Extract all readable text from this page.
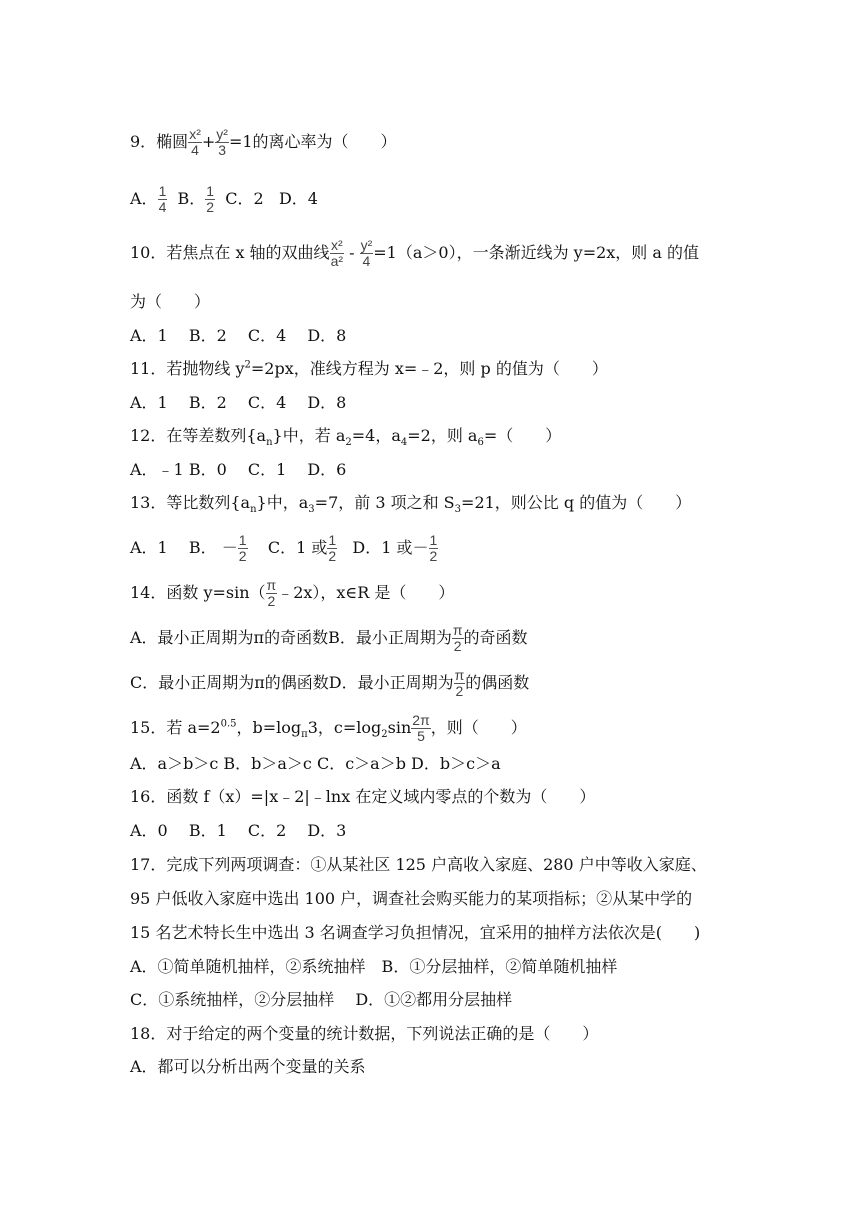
9．椭圆 $\frac{\text{x²}}{4} + \frac{\text{y²}}{3} =1$的离心率为（　　）
A． $\frac{1}{4}$ B． $\frac{1}{2}$ C．2 D．4
10．若焦点在 x 轴的双曲线 $\frac{\text{x²}}{\text{a²}} - \frac{\text{y²}}{4} =1(a>0)$，一条渐近线为 y=2x，则 a 的值
为（　　）
A．1　 B．2　 C．4　 D．8
11．若抛物线 $y^2=2px$，准线方程为 x=﹣2，则 p 的值为（　　）
A．1　 B．2　 C．4　 D．8
12．在等差数列$\{a_n\}$中，若 $a_2=4$，$a_4=2$，则 $a_6=$（　　）
A．﹣1 B．0　 C．1　 D．6
13．等比数列$\{a_n\}$中，$a_3=7$，前 3 项之和 $S_3=21$，则公比 q 的值为（　　）
A．1　 B． － $\frac{1}{2}$ C．1 或 $\frac{1}{2}$ D．1 或－ $\frac{1}{2}$
14．函数 $y=\sin( \frac{\pi}{2}$ ﹣2x），x∈R 是（　　）
A．最小正周期为π的奇函数B．最小正周期为 $\frac{\pi}{2}$ 的奇函数
C．最小正周期为π的偶函数D．最小正周期为 $\frac{\pi}{2}$ 的偶函数
15．若 $a=2^{0.5}$，$b=\log_\pi 3$，$c=\log_2\sin \frac{2\pi}{5}$ ，则（　　）
A．a＞b＞c B．b＞a＞c C．c＞a＞b D．b＞c＞a
16．函数 f（x）=|x﹣2|﹣lnx 在定义域内零点的个数为（　　）
A．0　 B．1　 C．2　 D．3
17．完成下列两项调查：①从某社区 125 户高收入家庭、280 户中等收入家庭、
95 户低收入家庭中选出 100 户，调查社会购买能力的某项指标；②从某中学的
15 名艺术特长生中选出 3 名调查学习负担情况，宜采用的抽样方法依次是(　　)
A．①简单随机抽样，②系统抽样　B．①分层抽样，②简单随机抽样
C．①系统抽样，②分层抽样　 D．①②都用分层抽样
18．对于给定的两个变量的统计数据，下列说法正确的是（　　）
A．都可以分析出两个变量的关系
